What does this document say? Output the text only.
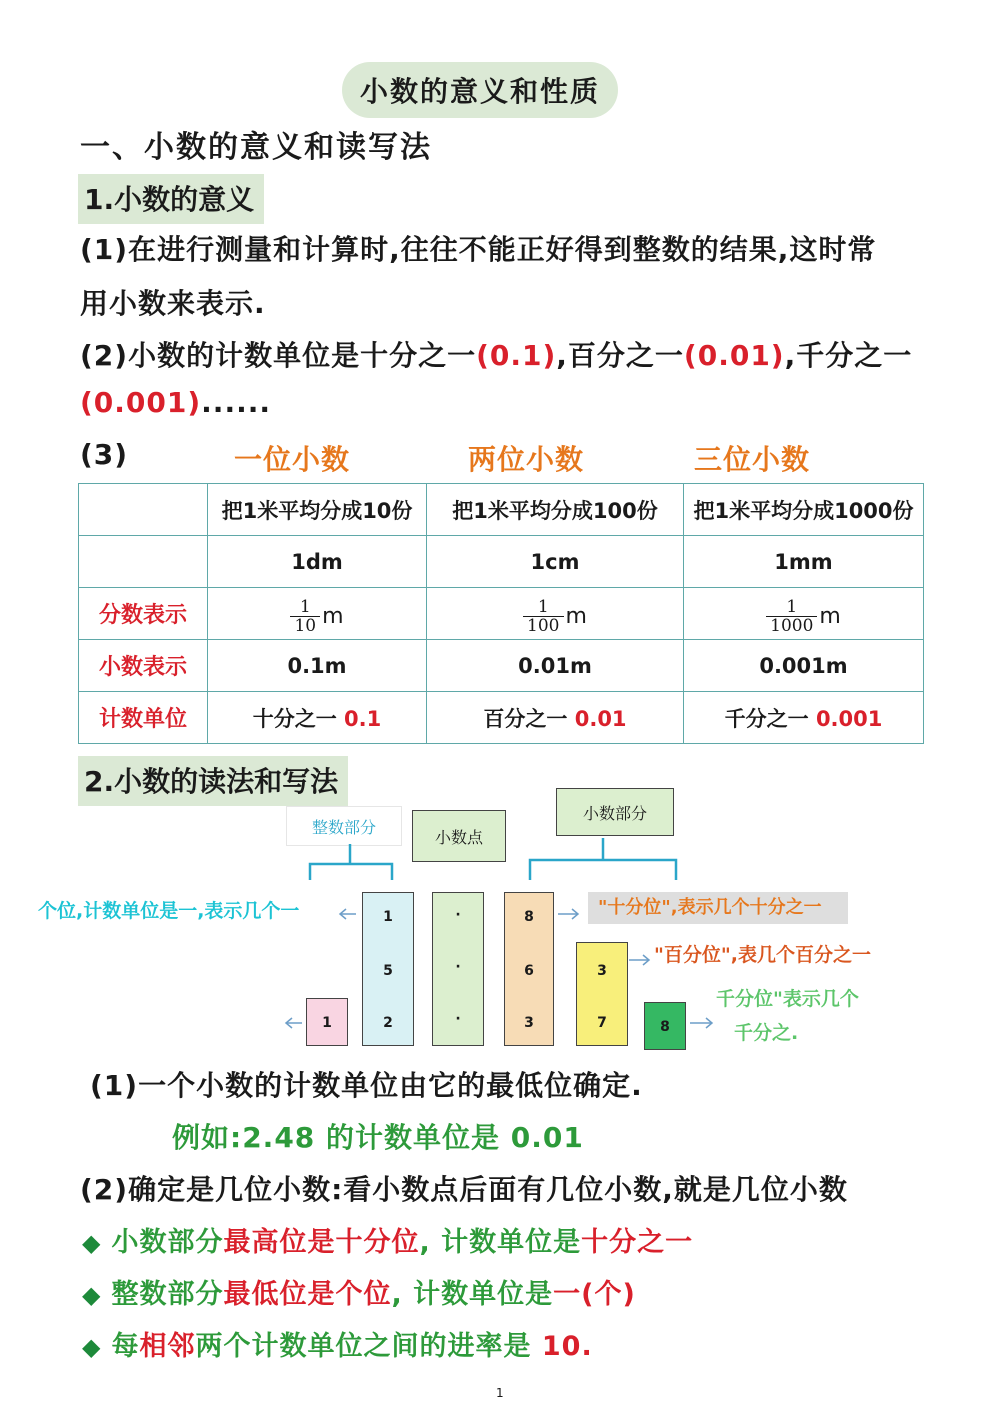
小数的意义和性质
一、小数的意义和读写法
1.小数的意义
(1)在进行测量和计算时,往往不能正好得到整数的结果,这时常
用小数来表示.
(2)小数的计数单位是十分之一(0.1),百分之一(0.01),千分之一
(0.001)......
(3)	一位小数	两位小数	三位小数
	把1米平均分成10份	把1米平均分成100份	把1米平均分成1000份
	1dm	1cm	1mm
分数表示	$\frac{1}{10}$ m	$\frac{1}{100}$ m	$\frac{1}{1000}$ m

小数表示	0.1m	0.01m	0.001m
计数单位	十分之一 0.1	百分之一 0.01	千分之一 0.001
2.小数的读法和写法
整数部分
小数点
小数部分
1
5
2
1
·
·
·
8
6
3
3
7	8
个位,计数单位是一,表示几个一	"十分位",表示几个十分之一
"百分位",表几个百分之一
千分位"表示几个
千分之.
(1)一个小数的计数单位由它的最低位确定.
例如:2.48 的计数单位是 0.01
(2)确定是几位小数:看小数点后面有几位小数,就是几位小数
◆ 小数部分最高位是十分位, 计数单位是十分之一
◆ 整数部分最低位是个位, 计数单位是一(个)
◆ 每相邻两个计数单位之间的进率是 10.
1
